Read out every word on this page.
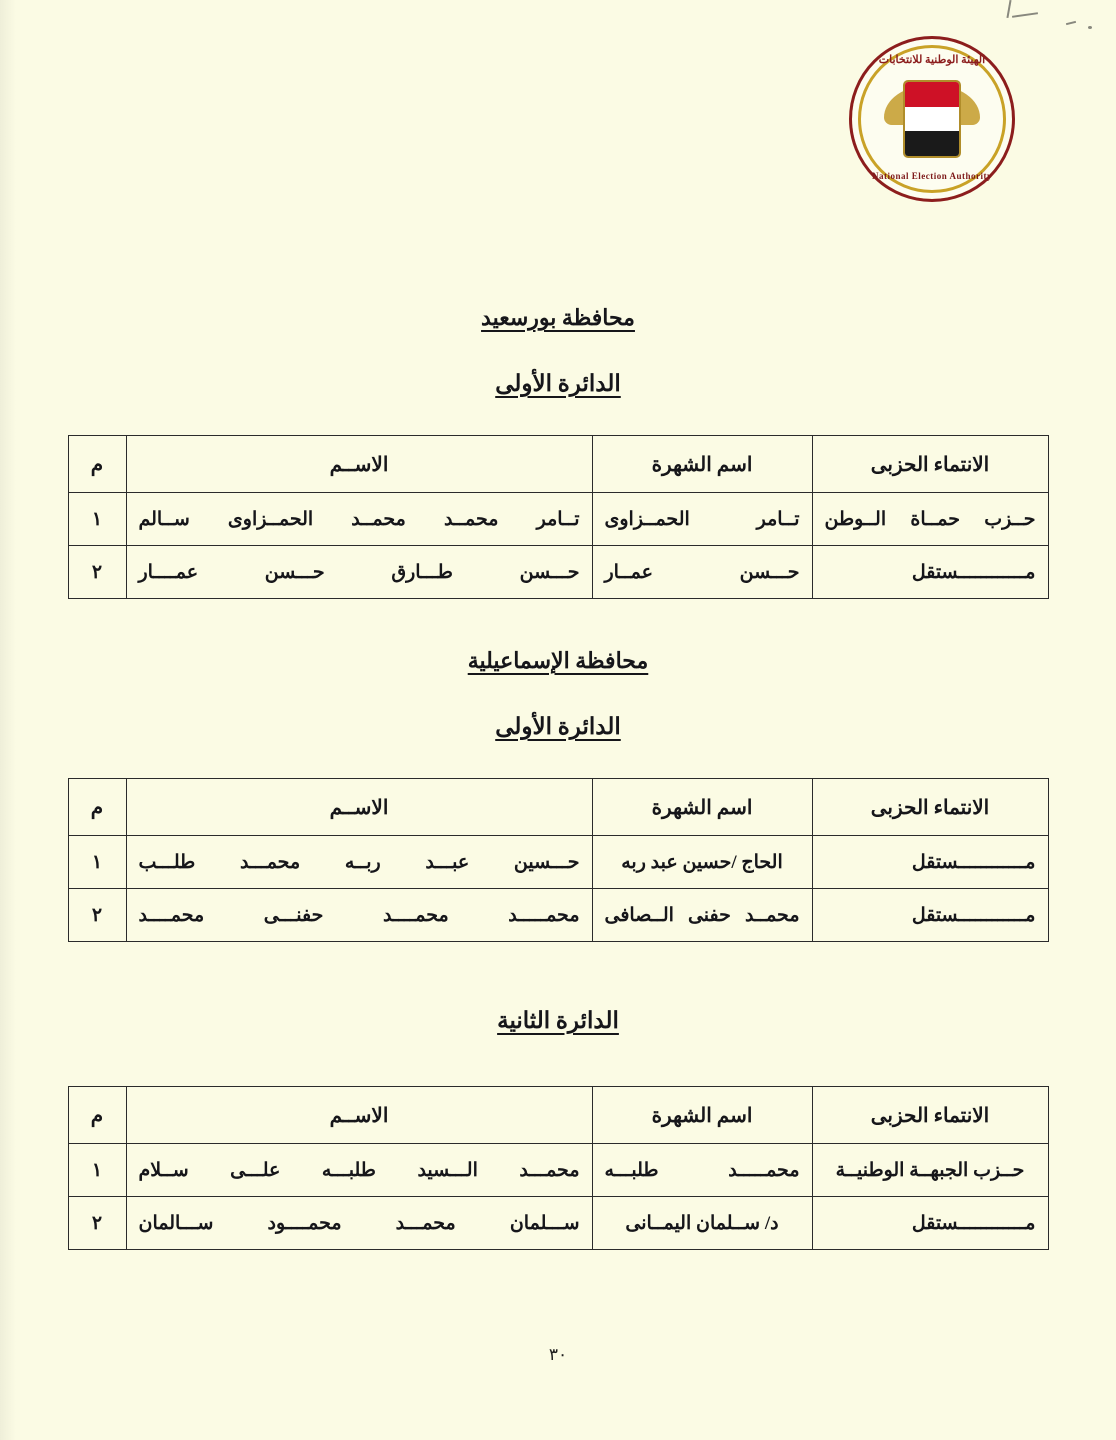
الهيئة الوطنية للانتخابات
National Election Authority
محافظة بورسعيد
الدائرة الأولى
الانتماء الحزبى	اسم الشهرة	الاســم	م

حــزب حمــاة الــوطن	تــامر الحمــزاوى	تــامر محمــد محمــد الحمــزاوى ســالم	١

مــــــــــــستقل	حـــسن عمــار	حـــسن طـــارق حـــسن عمــــار	٢
محافظة الإسماعيلية
الدائرة الأولى
الانتماء الحزبى	اسم الشهرة	الاســم	م

مــــــــــــستقل	الحاج /حسين عبد ربه	حـــسين عبـــد ربــه محمـــد طلـــب	١

مــــــــــــستقل	محمــد حفنى الــصافى	محمـــــد محمــــد حفنـــى محمــــد	٢
الدائرة الثانية
الانتماء الحزبى	اسم الشهرة	الاســم	م

حــزب الجبهــة الوطنيــة	محمـــــد طلبـــه	محمـــد الـــسيد طلبـــه علـــى ســلام	١

مــــــــــــستقل	د/ ســلمان اليمــانى	ســـلمان محمـــد محمــــود ســـالمان	٢
٣٠
